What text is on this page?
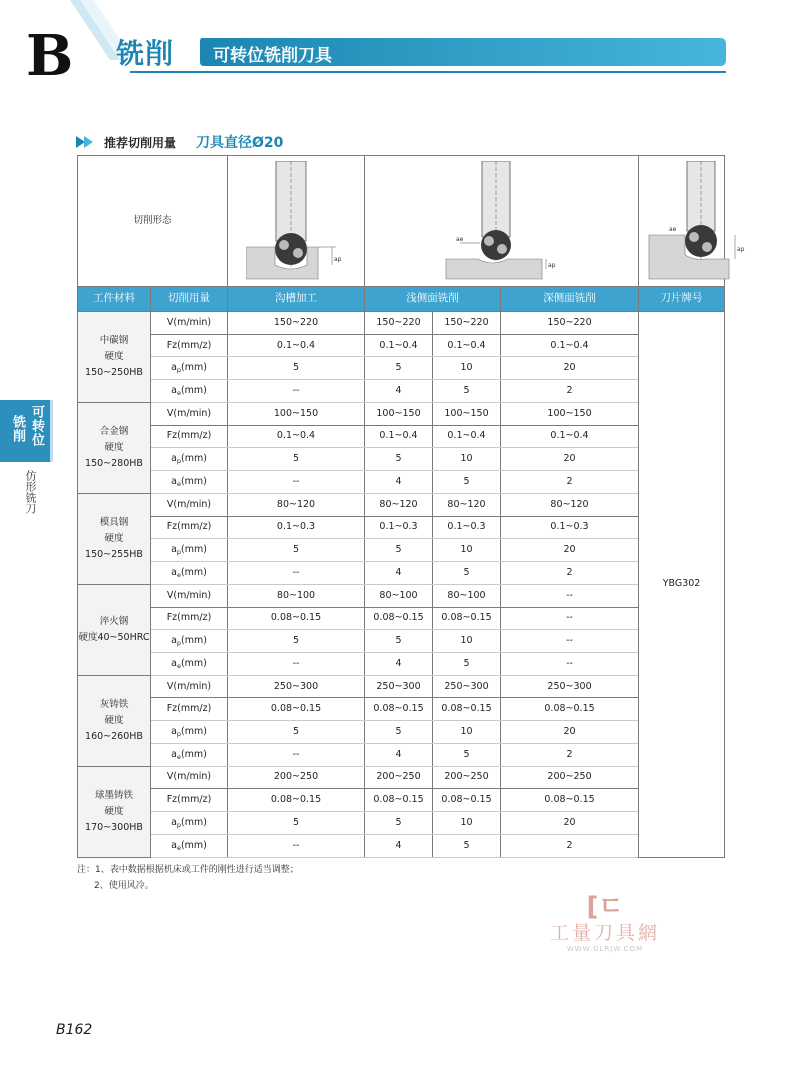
B 铣削 可转位铣削刀具
推荐切削用量 刀具直径Ø20
切削形态		ap	ae
ap			ae
ap	

工件材料	切削用量	沟槽加工	浅侧面铣削		深侧面铣削	刀片牌号	

中碳钢
硬度
150~250HB	V(m/min)	150~220	150~220	150~220	150~220	YBG302	
	Fz(mm/z)	0.1~0.4	0.1~0.4	0.1~0.4	0.1~0.4		
	$a_p(mm)$	5	5	10	20		
	$a_e(mm)$	--	4	5	2		

合金钢
硬度
150~280HB	V(m/min)	100~150	100~150	100~150	100~150		
	Fz(mm/z)	0.1~0.4	0.1~0.4	0.1~0.4	0.1~0.4		
	$a_p(mm)$	5	5	10	20		
	$a_e(mm)$	--	4	5	2		

模具钢
硬度
150~255HB	V(m/min)	80~120	80~120	80~120	80~120		
	Fz(mm/z)	0.1~0.3	0.1~0.3	0.1~0.3	0.1~0.3		
	$a_p(mm)$	5	5	10	20		
	$a_e(mm)$	--	4	5	2		

淬火钢
硬度40~50HRC	V(m/min)	80~100	80~100	80~100	--		
	Fz(mm/z)	0.08~0.15	0.08~0.15	0.08~0.15	--		
	$a_p(mm)$	5	5	10	--		
	$a_e(mm)$	--	4	5	--		

灰铸铁
硬度
160~260HB	V(m/min)	250~300	250~300	250~300	250~300		
	Fz(mm/z)	0.08~0.15	0.08~0.15	0.08~0.15	0.08~0.15		
	$a_p(mm)$	5	5	10	20		
	$a_e(mm)$	--	4	5	2		

球墨铸铁
硬度
170~300HB	V(m/min)	200~250	200~250	200~250	200~250		
	Fz(mm/z)	0.08~0.15	0.08~0.15	0.08~0.15	0.08~0.15		
	$a_p(mm)$	5	5	10	20		
	$a_e(mm)$	--	4	5	2		
注：1、表中数据根据机床或工件的刚性进行适当调整；
2、使用风冷。
可转位
铣削
仿形铣刀
[ㄷ
工量刀具網
WWW.GLRJW.COM
B162
